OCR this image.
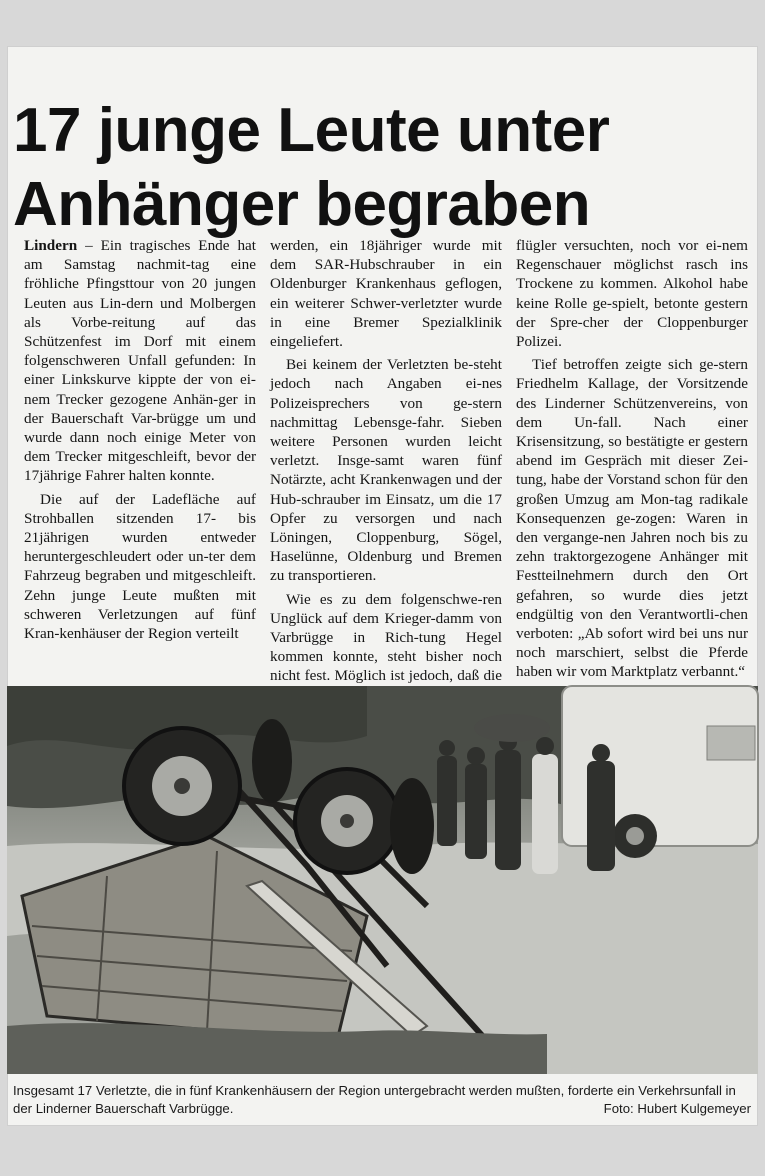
17 junge Leute unter
Anhänger begraben

Lindern – Ein tragisches Ende hat am Samstag nachmit-tag eine fröhliche Pfingsttour von 20 jungen Leuten aus Lin-dern und Molbergen als Vorbe-reitung auf das Schützenfest im Dorf mit einem folgenschweren Unfall gefunden: In einer Linkskurve kippte der von ei-nem Trecker gezogene Anhän-ger in der Bauerschaft Var-brügge um und wurde dann noch einige Meter von dem Trecker mitgeschleift, bevor der 17jährige Fahrer halten konnte.

Die auf der Ladefläche auf Strohballen sitzenden 17- bis 21jährigen wurden entweder heruntergeschleudert oder un-ter dem Fahrzeug begraben und mitgeschleift. Zehn junge Leute mußten mit schweren Verletzungen auf fünf Kran-kenhäuser der Region verteilt

werden, ein 18jähriger wurde mit dem SAR-Hubschrauber in ein Oldenburger Krankenhaus geflogen, ein weiterer Schwer-verletzter wurde in eine Bremer Spezialklinik eingeliefert.

Bei keinem der Verletzten be-steht jedoch nach Angaben ei-nes Polizeisprechers von ge-stern nachmittag Lebensge-fahr. Sieben weitere Personen wurden leicht verletzt. Insge-samt waren fünf Notärzte, acht Krankenwagen und der Hub-schrauber im Einsatz, um die 17 Opfer zu versorgen und nach Löningen, Cloppenburg, Sögel, Haselünne, Oldenburg und Bremen zu transportieren.

Wie es zu dem folgenschwe-ren Unglück auf dem Krieger-damm von Varbrügge in Rich-tung Hegel kommen konnte, steht bisher noch nicht fest. Möglich ist jedoch, daß die

flügler versuchten, noch vor ei-nem Regenschauer möglichst rasch ins Trockene zu kommen. Alkohol habe keine Rolle ge-spielt, betonte gestern der Spre-cher der Cloppenburger Polizei.

Tief betroffen zeigte sich ge-stern Friedhelm Kallage, der Vorsitzende des Linderner Schützenvereins, von dem Un-fall. Nach einer Krisensitzung, so bestätigte er gestern abend im Gespräch mit dieser Zei-tung, habe der Vorstand schon für den großen Umzug am Mon-tag radikale Konsequenzen ge-zogen: Waren in den vergange-nen Jahren noch bis zu zehn traktorgezogene Anhänger mit Festteilnehmern durch den Ort gefahren, so wurde dies jetzt endgültig von den Verantwortli-chen verboten: „Ab sofort wird bei uns nur noch marschiert, selbst die Pferde haben wir vom Marktplatz verbannt.“

Insgesamt 17 Verletzte, die in fünf Krankenhäusern der Region untergebracht werden mußten, forderte ein Verkehrsunfall in der Linderner Bauerschaft Varbrügge.	Foto: Hubert Kulgemeyer
